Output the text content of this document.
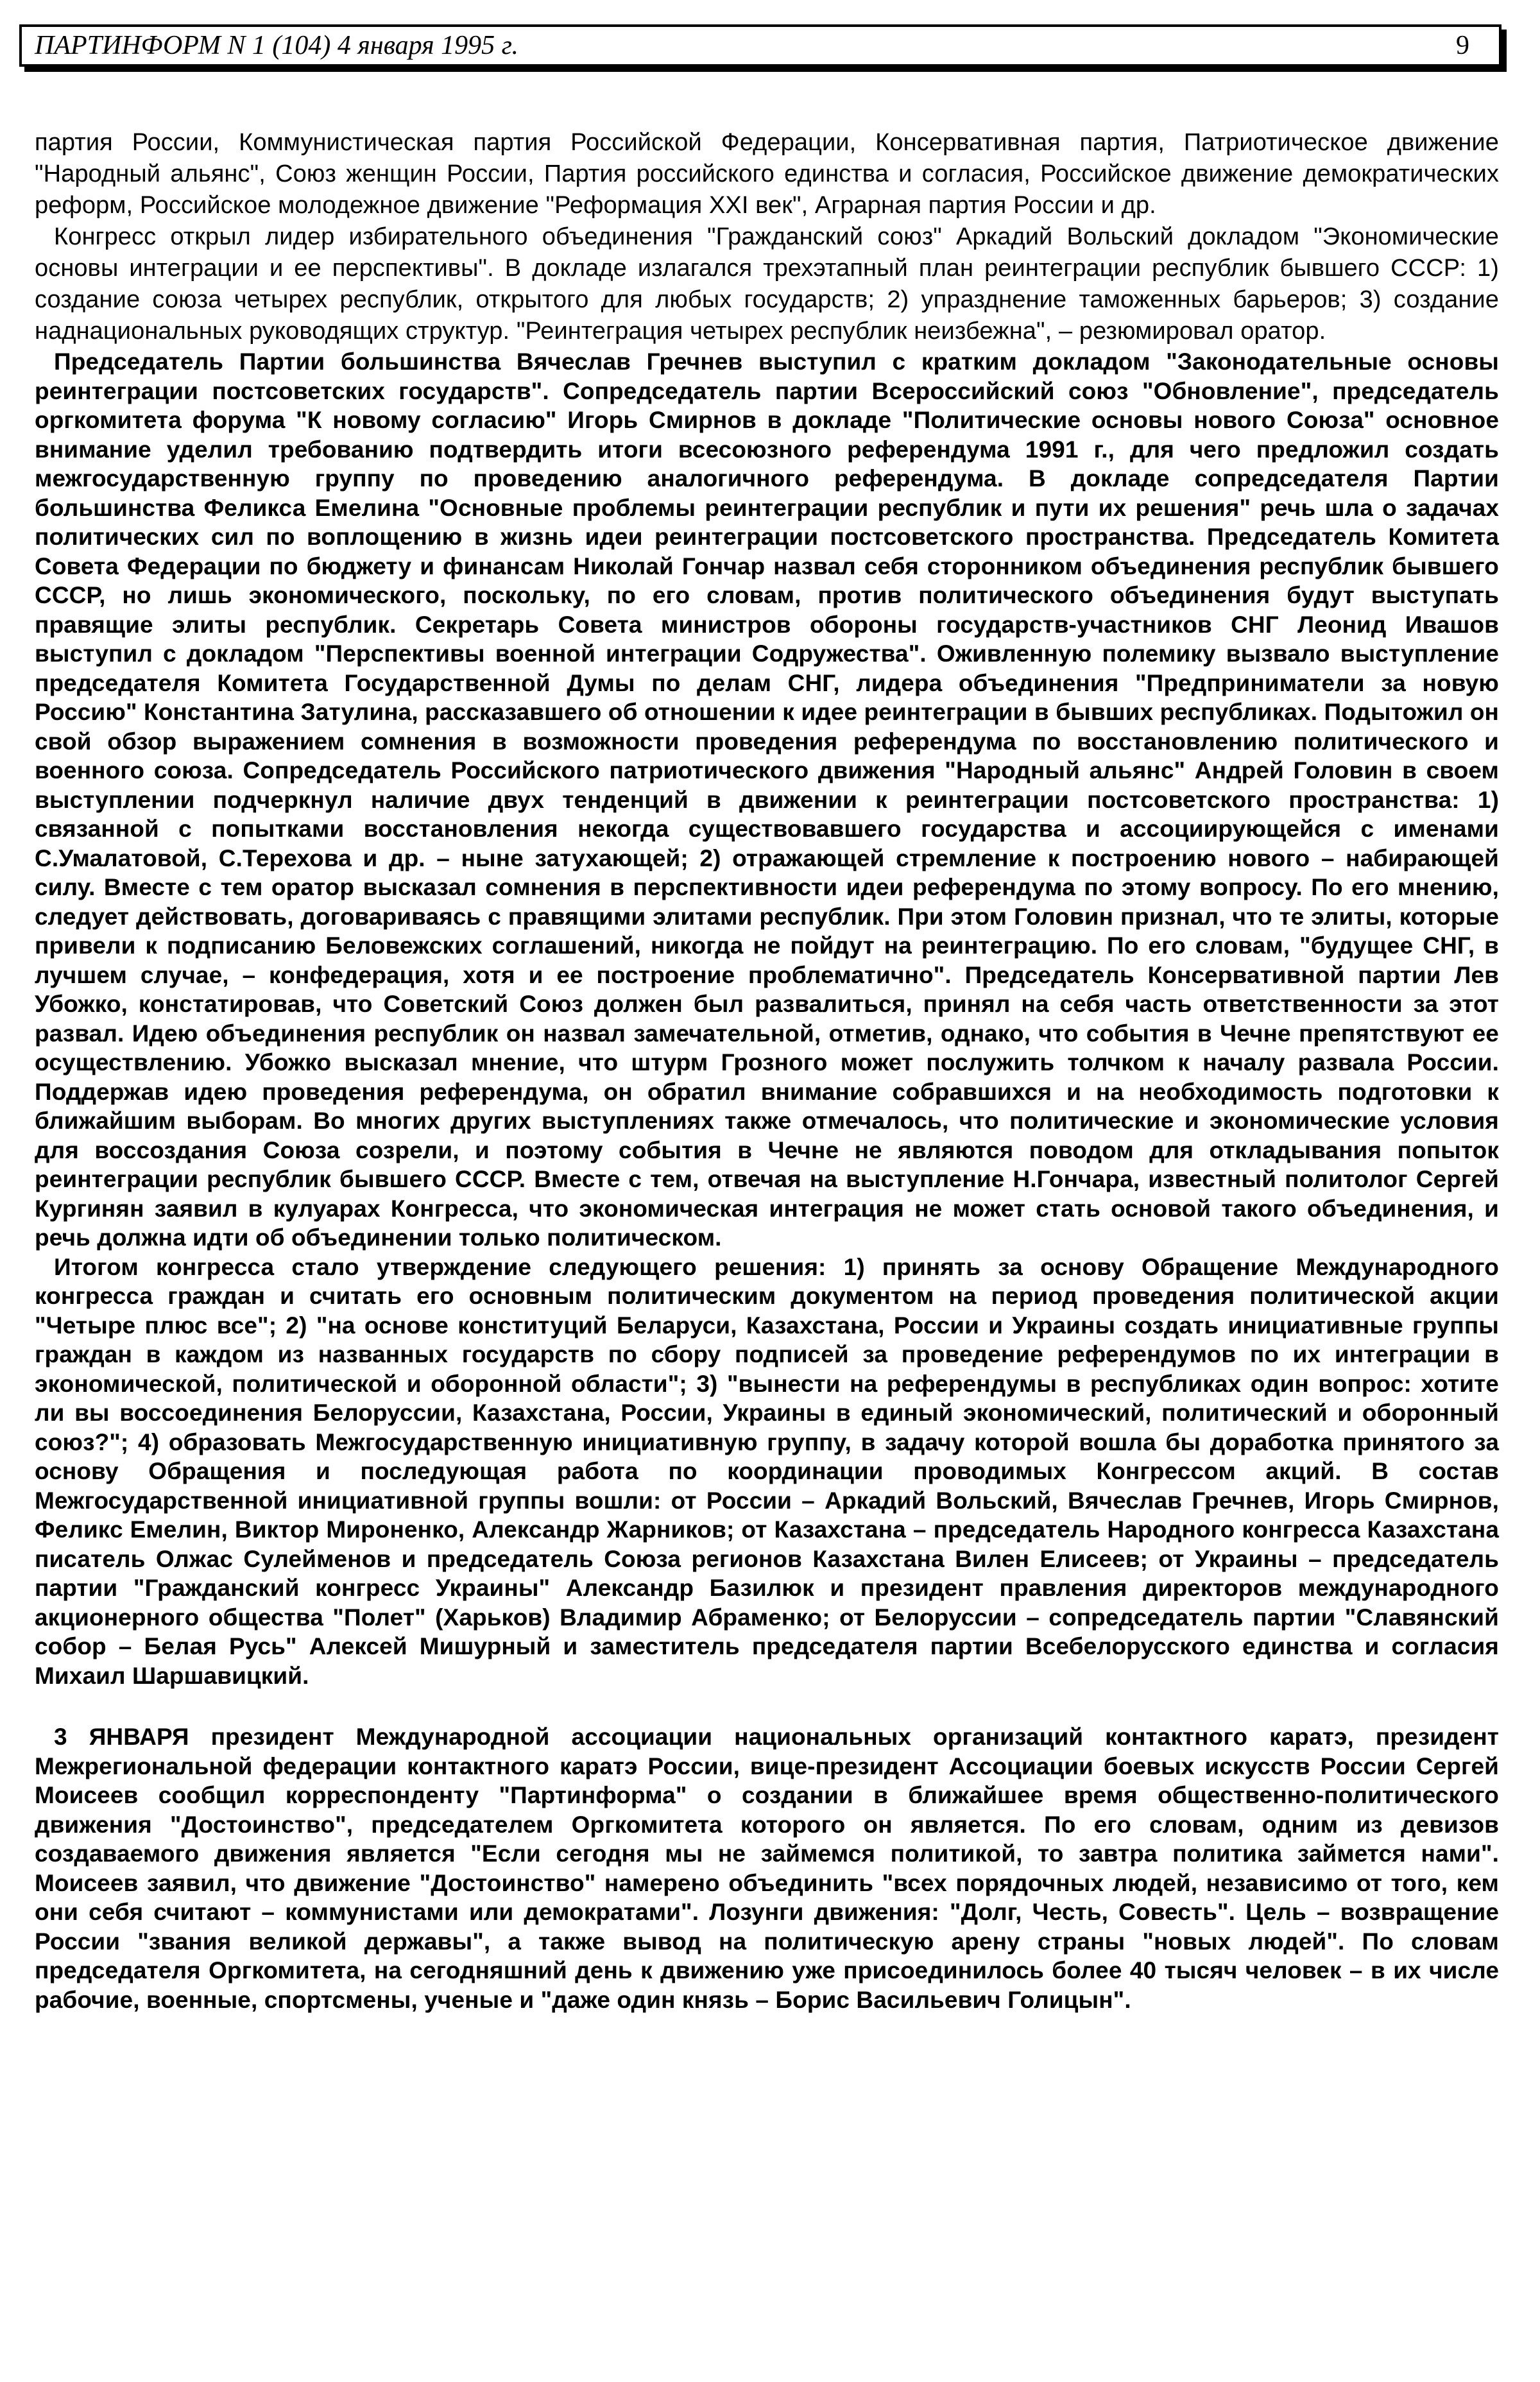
ПАРТИНФОРМ N 1 (104) 4 января 1995 г.	9

партия России, Коммунистическая партия Российской Федерации, Консервативная партия, Патриотическое движение "Народный альянс", Союз женщин России, Партия российского единства и согласия, Российское движение демократических реформ, Российское молодежное движение "Реформация XXI век", Аграрная партия России и др.

Конгресс открыл лидер избирательного объединения "Гражданский союз" Аркадий Вольский докладом "Экономические основы интеграции и ее перспективы". В докладе излагался трехэтапный план реинтеграции республик бывшего СССР: 1) создание союза четырех республик, открытого для любых государств; 2) упразднение таможенных барьеров; 3) создание наднациональных руководящих структур. "Реинтеграция четырех республик неизбежна", – резюмировал оратор.

Председатель Партии большинства Вячеслав Гречнев выступил с кратким докладом "Законодательные основы реинтеграции постсоветских государств". Сопредседатель партии Всероссийский союз "Обновление", председатель оргкомитета форума "К новому согласию" Игорь Смирнов в докладе "Политические основы нового Союза" основное внимание уделил требованию подтвердить итоги всесоюзного референдума 1991 г., для чего предложил создать межгосударственную группу по проведению аналогичного референдума. В докладе сопредседателя Партии большинства Феликса Емелина "Основные проблемы реинтеграции республик и пути их решения" речь шла о задачах политических сил по воплощению в жизнь идеи реинтеграции постсоветского пространства. Председатель Комитета Совета Федерации по бюджету и финансам Николай Гончар назвал себя сторонником объединения республик бывшего СССР, но лишь экономического, поскольку, по его словам, против политического объединения будут выступать правящие элиты республик. Секретарь Совета министров обороны государств-участников СНГ Леонид Ивашов выступил с докладом "Перспективы военной интеграции Содружества". Оживленную полемику вызвало выступление председателя Комитета Государственной Думы по делам СНГ, лидера объединения "Предприниматели за новую Россию" Константина Затулина, рассказавшего об отношении к идее реинтеграции в бывших республиках. Подытожил он свой обзор выражением сомнения в возможности проведения референдума по восстановлению политического и военного союза. Сопредседатель Российского патриотического движения "Народный альянс" Андрей Головин в своем выступлении подчеркнул наличие двух тенденций в движении к реинтеграции постсоветского пространства: 1) связанной с попытками восстановления некогда существовавшего государства и ассоциирующейся с именами С.Умалатовой, С.Терехова и др. – ныне затухающей; 2) отражающей стремление к построению нового – набирающей силу. Вместе с тем оратор высказал сомнения в перспективности идеи референдума по этому вопросу. По его мнению, следует действовать, договариваясь с правящими элитами республик. При этом Головин признал, что те элиты, которые привели к подписанию Беловежских соглашений, никогда не пойдут на реинтеграцию. По его словам, "будущее СНГ, в лучшем случае, – конфедерация, хотя и ее построение проблематично". Председатель Консервативной партии Лев Убожко, констатировав, что Советский Союз должен был развалиться, принял на себя часть ответственности за этот развал. Идею объединения республик он назвал замечательной, отметив, однако, что события в Чечне препятствуют ее осуществлению. Убожко высказал мнение, что штурм Грозного может послужить толчком к началу развала России. Поддержав идею проведения референдума, он обратил внимание собравшихся и на необходимость подготовки к ближайшим выборам. Во многих других выступлениях также отмечалось, что политические и экономические условия для воссоздания Союза созрели, и поэтому события в Чечне не являются поводом для откладывания попыток реинтеграции республик бывшего СССР. Вместе с тем, отвечая на выступление Н.Гончара, известный политолог Сергей Кургинян заявил в кулуарах Конгресса, что экономическая интеграция не может стать основой такого объединения, и речь должна идти об объединении только политическом.

Итогом конгресса стало утверждение следующего решения: 1) принять за основу Обращение Международного конгресса граждан и считать его основным политическим документом на период проведения политической акции "Четыре плюс все"; 2) "на основе конституций Беларуси, Казахстана, России и Украины создать инициативные группы граждан в каждом из названных государств по сбору подписей за проведение референдумов по их интеграции в экономической, политической и оборонной области"; 3) "вынести на референдумы в республиках один вопрос: хотите ли вы воссоединения Белоруссии, Казахстана, России, Украины в единый экономический, политический и оборонный союз?"; 4) образовать Межгосударственную инициативную группу, в задачу которой вошла бы доработка принятого за основу Обращения и последующая работа по координации проводимых Конгрессом акций. В состав Межгосударственной инициативной группы вошли: от России – Аркадий Вольский, Вячеслав Гречнев, Игорь Смирнов, Феликс Емелин, Виктор Мироненко, Александр Жарников; от Казахстана – председатель Народного конгресса Казахстана писатель Олжас Сулейменов и председатель Союза регионов Казахстана Вилен Елисеев; от Украины – председатель партии "Гражданский конгресс Украины" Александр Базилюк и президент правления директоров международного акционерного общества "Полет" (Харьков) Владимир Абраменко; от Белоруссии – сопредседатель партии "Славянский собор – Белая Русь" Алексей Мишурный и заместитель председателя партии Всебелорусского единства и согласия Михаил Шаршавицкий.

3 ЯНВАРЯ президент Международной ассоциации национальных организаций контактного каратэ, президент Межрегиональной федерации контактного каратэ России, вице-президент Ассоциации боевых искусств России Сергей Моисеев сообщил корреспонденту "Партинформа" о создании в ближайшее время общественно-политического движения "Достоинство", председателем Оргкомитета которого он является. По его словам, одним из девизов создаваемого движения является "Если сегодня мы не займемся политикой, то завтра политика займется нами". Моисеев заявил, что движение "Достоинство" намерено объединить "всех порядочных людей, независимо от того, кем они себя считают – коммунистами или демократами". Лозунги движения: "Долг, Честь, Совесть". Цель – возвращение России "звания великой державы", а также вывод на политическую арену страны "новых людей". По словам председателя Оргкомитета, на сегодняшний день к движению уже присоединилось более 40 тысяч человек – в их числе рабочие, военные, спортсмены, ученые и "даже один князь – Борис Васильевич Голицын".
